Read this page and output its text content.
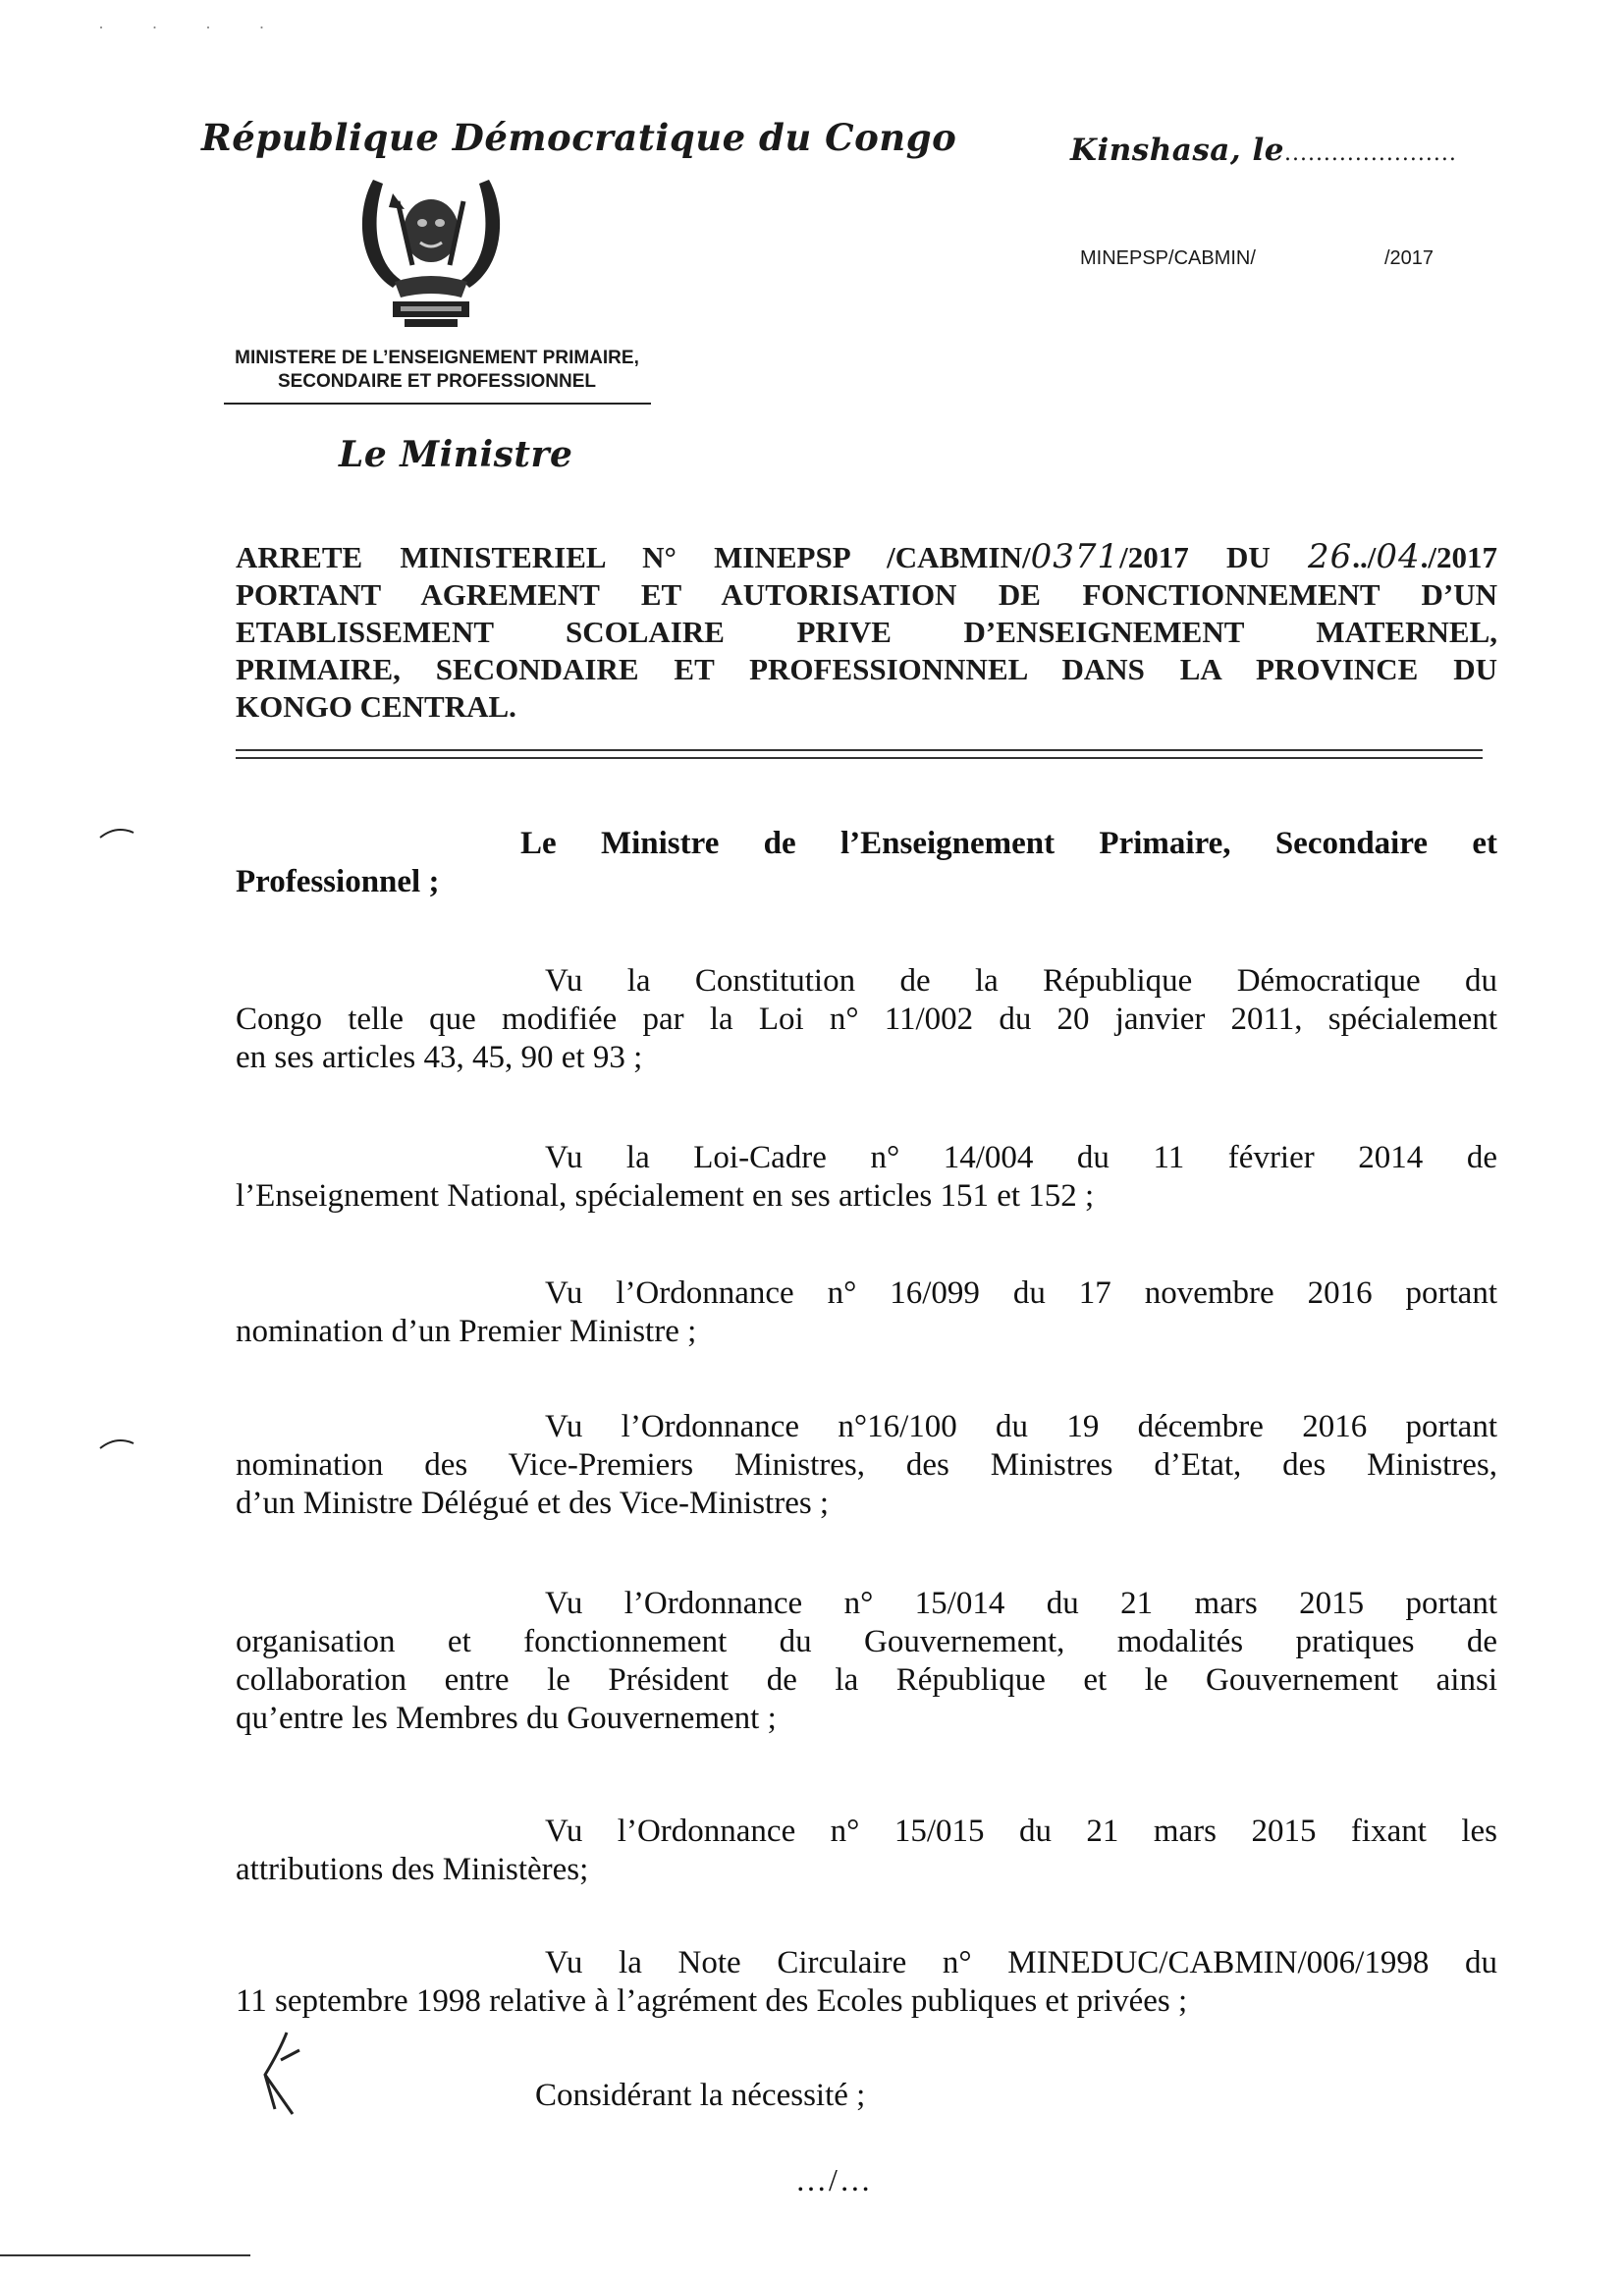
· · · ·
République Démocratique du Congo
MINISTERE DE L’ENSEIGNEMENT PRIMAIRE,
SECONDAIRE ET PROFESSIONNEL
Le Ministre
Kinshasa, le......................
MINEPSP/CABMIN/	/2017
ARRETE MINISTERIEL N° MINEPSP /CABMIN/0371/2017 DU 26../04./2017
PORTANT AGREMENT ET AUTORISATION DE FONCTIONNEMENT D’UN
ETABLISSEMENT SCOLAIRE PRIVE D’ENSEIGNEMENT MATERNEL,
PRIMAIRE, SECONDAIRE ET PROFESSIONNNEL DANS LA PROVINCE DU
KONGO CENTRAL.
Le Ministre de l’Enseignement Primaire, Secondaire et
Professionnel ;
Vu la Constitution de la République Démocratique du
Congo telle que modifiée par la Loi n° 11/002 du 20 janvier 2011, spécialement
en ses articles 43, 45, 90 et 93 ;
Vu la Loi-Cadre n° 14/004 du 11 février 2014 de
l’Enseignement National, spécialement en ses articles 151 et 152 ;
Vu l’Ordonnance n° 16/099 du 17 novembre 2016 portant
nomination d’un Premier Ministre ;
Vu l’Ordonnance n°16/100 du 19 décembre 2016 portant
nomination des Vice-Premiers Ministres, des Ministres d’Etat, des Ministres,
d’un Ministre Délégué et des Vice-Ministres ;
Vu l’Ordonnance n° 15/014 du 21 mars 2015 portant
organisation et fonctionnement du Gouvernement, modalités pratiques de
collaboration entre le Président de la République et le Gouvernement ainsi
qu’entre les Membres du Gouvernement ;
Vu l’Ordonnance n° 15/015 du 21 mars 2015 fixant les
attributions des Ministères;
Vu la Note Circulaire n° MINEDUC/CABMIN/006/1998 du
11 septembre 1998 relative à l’agrément des Ecoles publiques et privées ;
Considérant la nécessité ;
…/…
